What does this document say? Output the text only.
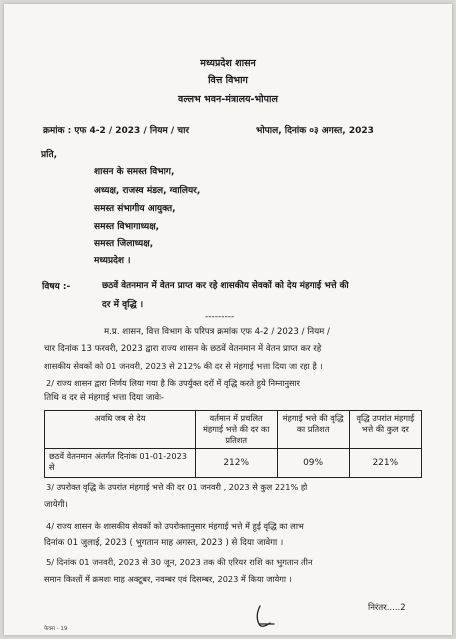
मध्यप्रदेश शासन
वित्त विभाग
वल्लभ भवन-मंत्रालय-भोपाल
क्रमांक : एफ 4-2 / 2023 / नियम / चार	भोपाल, दिनांक ०३ अगस्त, 2023
प्रति,
शासन के समस्त विभाग,
अध्यक्ष, राजस्व मंडल, ग्वालियर,
समस्त संभागीय आयुक्त,
समस्त विभागाध्यक्ष,
समस्त जिलाध्यक्ष,
मध्यप्रदेश ।
विषय :-	छठवें वेतनमान में वेतन प्राप्त कर रहे शासकीय सेवकों को देय मंहगाई भत्ते की
दर में वृद्धि ।
---------
म.प्र. शासन, वित्त विभाग के परिपत्र क्रमांक एफ 4-2 / 2023 / नियम /
चार दिनांक 13 फरवरी, 2023 द्वारा राज्य शासन के छठवें वेतनमान में वेतन प्राप्त कर रहे
शासकीय सेवकों को 01 जनवरी, 2023 से 212% की दर से मंहगाई भत्ता दिया जा रहा है ।
2/ राज्य शासन द्वारा निर्णय लिया गया है कि उपर्युक्त दरों में वृद्धि करते हुये निम्नानुसार
तिथि व दर से मंहगाई भत्ता दिया जावेः-
अवधि जब से देय	वर्तमान में प्रचलित मंहगाई भत्ते की दर का प्रतिशत	मंहगाई भत्ते की वृद्धि का प्रतिशत	वृद्धि उपरांत मंहगाई भत्ते की कुल दर
छठवें वेतनमान अंतर्गत दिनांक 01-01-2023 से	212%	09%	221%
3/ उपरोक्त वृद्धि के उपरांत मंहगाई भत्ते की दर 01 जनवरी , 2023 से कुल 221% हो
जायेगी।
4/ राज्य शासन के शासकीय सेवकों को उपरोक्तानुसार मंहगाई भत्ते में हुई वृद्धि का लाभ
दिनांक 01 जुलाई, 2023 ( भुगतान माह अगस्त, 2023 ) से दिया जावेगा ।
5/ दिनांक 01 जनवरी, 2023 से 30 जून, 2023 तक की एरियर राशि का भुगतान तीन
समान किश्तों में क्रमशः माह अक्टूबर, नवम्बर एवं दिसम्बर, 2023 में किया जायेगा ।
निरंतर.....2
फेक्स - 19
